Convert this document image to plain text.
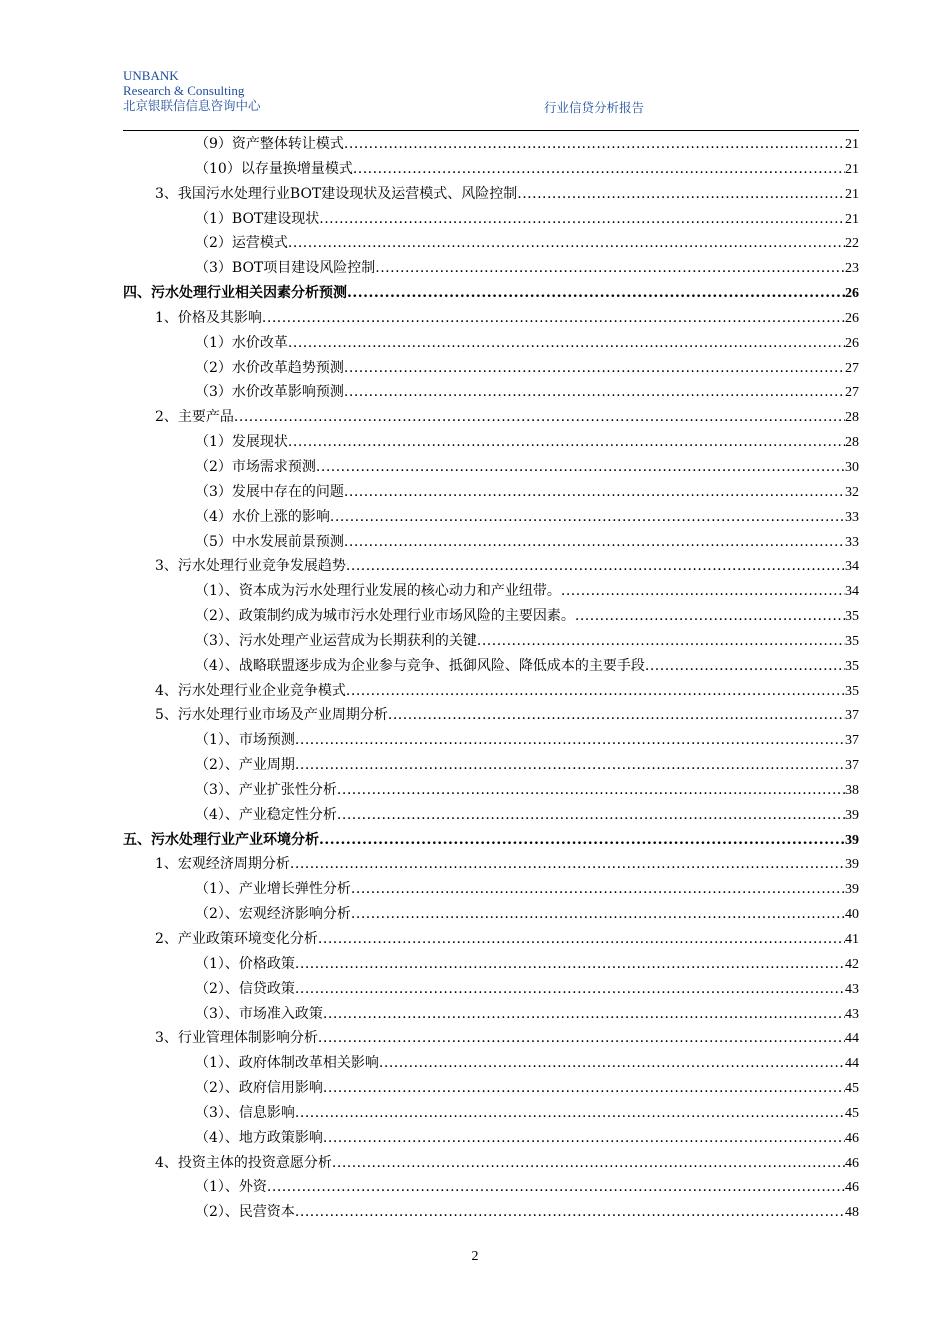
UNBANK
Research & Consulting
北京银联信信息咨询中心	行业信贷分析报告
（9）资产整体转让模式 .....	21
（10）以存量换增量模式 .....	21
3、我国污水处理行业BOT建设现状及运营模式、风险控制 .....	21
（1）BOT建设现状 .....	21
（2）运营模式 .....	22
（3）BOT项目建设风险控制 .....	23
四、污水处理行业相关因素分析预测 .....	26
1、价格及其影响 .....	26
（1）水价改革 .....	26
（2）水价改革趋势预测 .....	27
（3）水价改革影响预测 .....	27
2、主要产品 .....	28
（1）发展现状 .....	28
（2）市场需求预测 .....	30
（3）发展中存在的问题 .....	32
（4）水价上涨的影响 .....	33
（5）中水发展前景预测 .....	33
3、污水处理行业竞争发展趋势 .....	34
（1）、资本成为污水处理行业发展的核心动力和产业纽带。 .....	34
（2）、政策制约成为城市污水处理行业市场风险的主要因素。 .....	35
（3）、污水处理产业运营成为长期获利的关键 .....	35
（4）、战略联盟逐步成为企业参与竞争、抵御风险、降低成本的主要手段 .....	35
4、污水处理行业企业竞争模式 .....	35
5、污水处理行业市场及产业周期分析 .....	37
（1）、市场预测 .....	37
（2）、产业周期 .....	37
（3）、产业扩张性分析 .....	38
（4）、产业稳定性分析 .....	39
五、污水处理行业产业环境分析 .....	39
1、宏观经济周期分析 .....	39
（1）、产业增长弹性分析 .....	39
（2）、宏观经济影响分析 .....	40
2、产业政策环境变化分析 .....	41
（1）、价格政策 .....	42
（2）、信贷政策 .....	43
（3）、市场准入政策 .....	43
3、行业管理体制影响分析 .....	44
（1）、政府体制改革相关影响 .....	44
（2）、政府信用影响 .....	45
（3）、信息影响 .....	45
（4）、地方政策影响 .....	46
4、投资主体的投资意愿分析 .....	46
（1）、外资 .....	46
（2）、民营资本 .....	48
2
